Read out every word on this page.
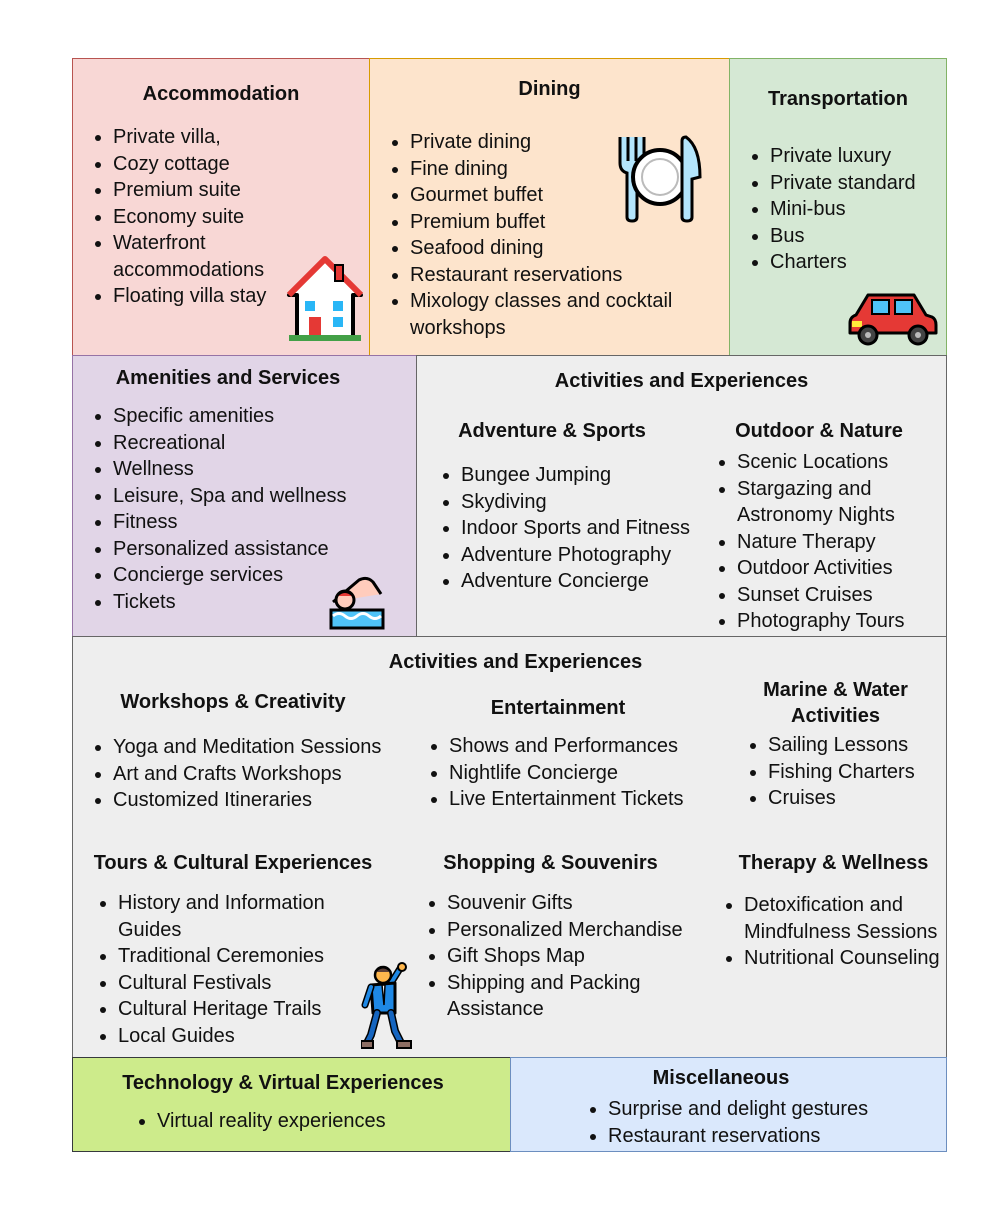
Accommodation
• Private villa,
• Cozy cottage
• Premium suite
• Economy suite
• Waterfront accommodations
• Floating villa stay
Dining
• Private dining
• Fine dining
• Gourmet buffet
• Premium buffet
• Seafood dining
• Restaurant reservations
• Mixology classes and cocktail workshops
Transportation
• Private luxury
• Private standard
• Mini-bus
• Bus
• Charters
Amenities and Services
• Specific amenities
• Recreational
• Wellness
• Leisure, Spa and wellness
• Fitness
• Personalized assistance
• Concierge services
• Tickets
Activities and Experiences
Adventure & Sports
• Bungee Jumping
• Skydiving
• Indoor Sports and Fitness
• Adventure Photography
• Adventure Concierge
Outdoor & Nature
• Scenic Locations
• Stargazing and Astronomy Nights
• Nature Therapy
• Outdoor Activities
• Sunset Cruises
• Photography Tours
Activities and Experiences
Workshops & Creativity
• Yoga and Meditation Sessions
• Art and Crafts Workshops
• Customized Itineraries
Entertainment
• Shows and Performances
• Nightlife Concierge
• Live Entertainment Tickets
Marine & Water Activities
• Sailing Lessons
• Fishing Charters
• Cruises
Tours & Cultural Experiences
• History and Information Guides
• Traditional Ceremonies
• Cultural Festivals
• Cultural Heritage Trails
• Local Guides
Shopping & Souvenirs
• Souvenir Gifts
• Personalized Merchandise
• Gift Shops Map
• Shipping and Packing Assistance
Therapy & Wellness
• Detoxification and Mindfulness Sessions
• Nutritional Counseling
Technology & Virtual Experiences
• Virtual reality experiences
Miscellaneous
• Surprise and delight gestures
• Restaurant reservations
